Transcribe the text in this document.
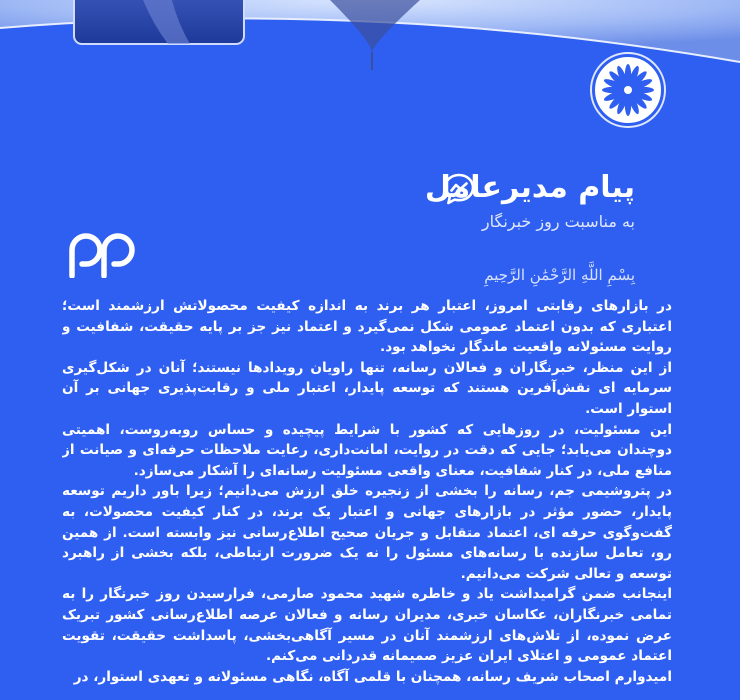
پیام مدیرعامل
به مناسبت روز خبرنگار
بِسْمِ اللَّهِ الرَّحْمَٰنِ الرَّحِيمِ

در بازارهای رقابتی امروز، اعتبار هر برند به اندازه کیفیت محصولاتش ارزشمند است؛ اعتباری که بدون اعتماد عمومی شکل نمی‌گیرد و اعتماد نیز جز بر پایه حقیقت، شفافیت و روایت مسئولانه واقعیت ماندگار نخواهد بود.

از این منظر، خبرنگاران و فعالان رسانه، تنها راویان رویدادها نیستند؛ آنان در شکل‌گیری سرمایه ای نقش‌آفرین هستند که توسعه پایدار، اعتبار ملی و رقابت‌پذیری جهانی بر آن استوار است.

این مسئولیت، در روزهایی که کشور با شرایط پیچیده و حساس روبه‌روست، اهمیتی دوچندان می‌یابد؛ جایی که دقت در روایت، امانت‌داری، رعایت ملاحظات حرفه‌ای و صیانت از منافع ملی، در کنار شفافیت، معنای واقعی مسئولیت رسانه‌ای را آشکار می‌سازد.

در پتروشیمی جم، رسانه را بخشی از زنجیره خلق ارزش می‌دانیم؛ زیرا باور داریم توسعه پایدار، حضور مؤثر در بازارهای جهانی و اعتبار یک برند، در کنار کیفیت محصولات، به گفت‌وگوی حرفه ای، اعتماد متقابل و جریان صحیح اطلاع‌رسانی نیز وابسته است. از همین رو، تعامل سازنده با رسانه‌های مسئول را نه یک ضرورت ارتباطی، بلکه بخشی از راهبرد توسعه و تعالی شرکت می‌دانیم.

اینجانب ضمن گرامیداشت یاد و خاطره شهید محمود صارمی، فرارسیدن روز خبرنگار را به تمامی خبرنگاران، عکاسان خبری، مدیران رسانه و فعالان عرصه اطلاع‌رسانی کشور تبریک عرض نموده، از تلاش‌های ارزشمند آنان در مسیر آگاهی‌بخشی، پاسداشت حقیقت، تقویت اعتماد عمومی و اعتلای ایران عزیز صمیمانه قدردانی می‌کنم.

امیدوارم اصحاب شریف رسانه، همچنان با قلمی آگاه، نگاهی مسئولانه و تعهدی استوار، در
